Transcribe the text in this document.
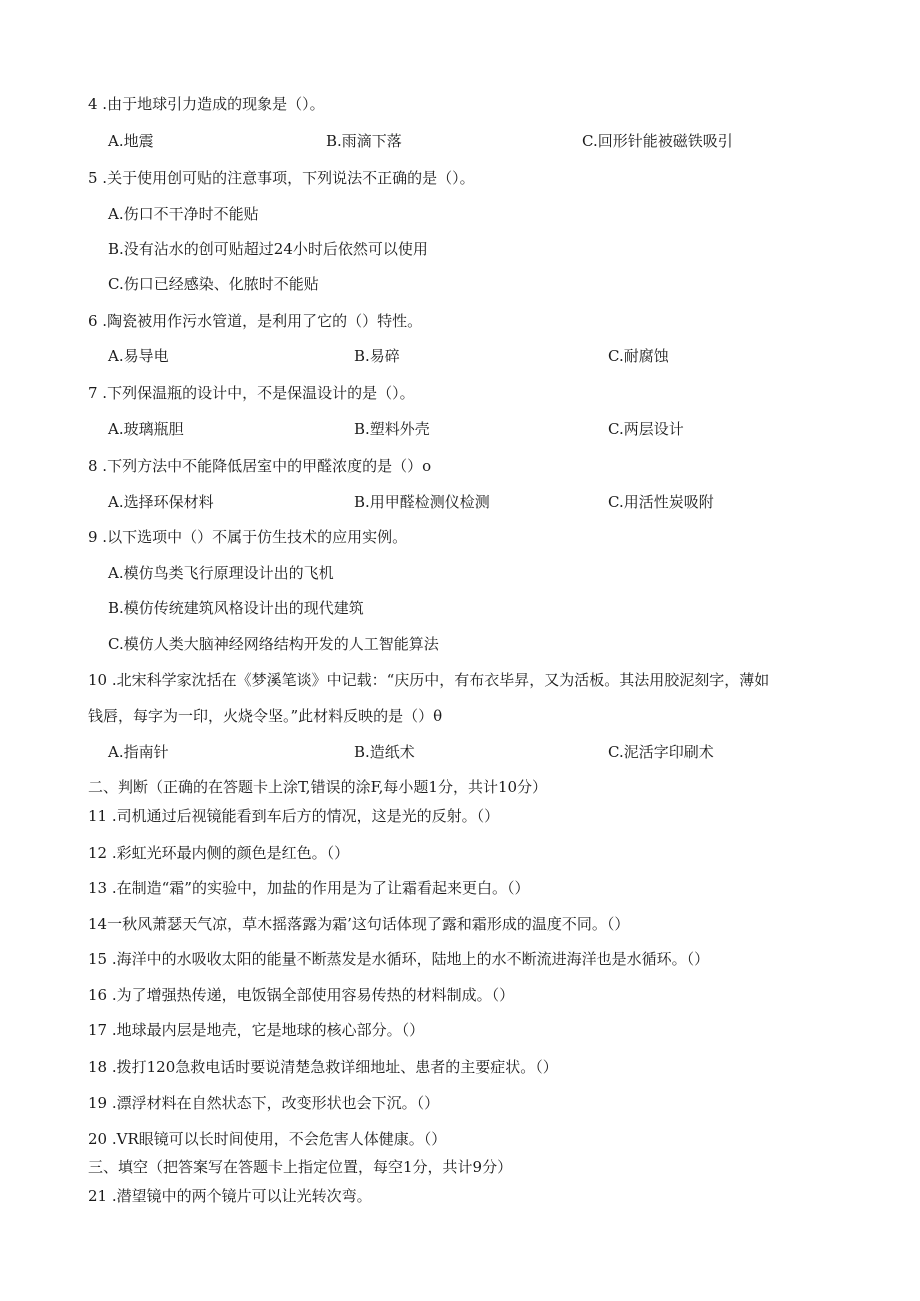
4 .由于地球引力造成的现象是（）。
A.地震	B.雨滴下落	C.回形针能被磁铁吸引
5 .关于使用创可贴的注意事项，下列说法不正确的是（）。
A.伤口不干净时不能贴
B.没有沾水的创可贴超过24小时后依然可以使用
C.伤口已经感染、化脓时不能贴
6 .陶瓷被用作污水管道，是利用了它的（）特性。
A.易导电	B.易碎	C.耐腐蚀
7 .下列保温瓶的设计中，不是保温设计的是（）。
A.玻璃瓶胆	B.塑料外壳	C.两层设计
8 .下列方法中不能降低居室中的甲醛浓度的是（）o
A.选择环保材料	B.用甲醛检测仪检测	C.用活性炭吸附
9 .以下选项中（）不属于仿生技术的应用实例。
A.模仿鸟类飞行原理设计出的飞机
B.模仿传统建筑风格设计出的现代建筑
C.模仿人类大脑神经网络结构开发的人工智能算法
10 .北宋科学家沈括在《梦溪笔谈》中记载：“庆历中，有布衣毕昇，又为活板。其法用胶泥刻字，薄如
钱唇，每字为一印，火烧令坚。”此材料反映的是（）θ
A.指南针	B.造纸术	C.泥活字印刷术
二、判断（正确的在答题卡上涂T,错误的涂F,每小题1分，共计10分）
11 .司机通过后视镜能看到车后方的情况，这是光的反射。（）
12 .彩虹光环最内侧的颜色是红色。（）
13 .在制造“霜”的实验中，加盐的作用是为了让霜看起来更白。（）
14一秋风萧瑟天气凉，草木摇落露为霜’这句话体现了露和霜形成的温度不同。（）
15 .海洋中的水吸收太阳的能量不断蒸发是水循环，陆地上的水不断流进海洋也是水循环。（）
16 .为了增强热传递，电饭锅全部使用容易传热的材料制成。（）
17 .地球最内层是地壳，它是地球的核心部分。（）
18 .拨打120急救电话时要说清楚急救详细地址、患者的主要症状。（）
19 .漂浮材料在自然状态下，改变形状也会下沉。（）
20 .VR眼镜可以长时间使用，不会危害人体健康。（）
三、填空（把答案写在答题卡上指定位置，每空1分，共计9分）
21 .潜望镜中的两个镜片可以让光转次弯。
